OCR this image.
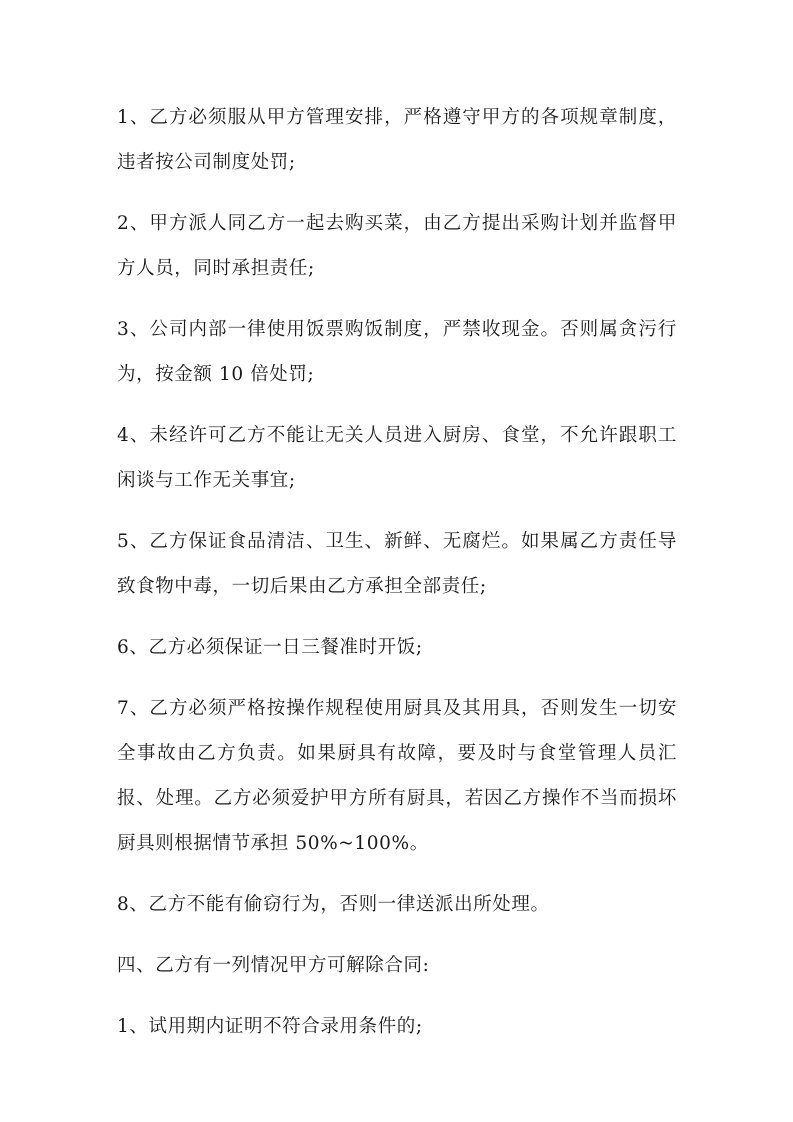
1、乙方必须服从甲方管理安排，严格遵守甲方的各项规章制度，违者按公司制度处罚;

2、甲方派人同乙方一起去购买菜，由乙方提出采购计划并监督甲方人员，同时承担责任;

3、公司内部一律使用饭票购饭制度，严禁收现金。否则属贪污行为，按金额 10 倍处罚;

4、未经许可乙方不能让无关人员进入厨房、食堂，不允许跟职工闲谈与工作无关事宜;

5、乙方保证食品清洁、卫生、新鲜、无腐烂。如果属乙方责任导致食物中毒，一切后果由乙方承担全部责任;

6、乙方必须保证一日三餐准时开饭;

7、乙方必须严格按操作规程使用厨具及其用具，否则发生一切安全事故由乙方负责。如果厨具有故障，要及时与食堂管理人员汇报、处理。乙方必须爱护甲方所有厨具，若因乙方操作不当而损坏厨具则根据情节承担 50%~100%。

8、乙方不能有偷窃行为，否则一律送派出所处理。

四、乙方有一列情况甲方可解除合同:

1、试用期内证明不符合录用条件的;
